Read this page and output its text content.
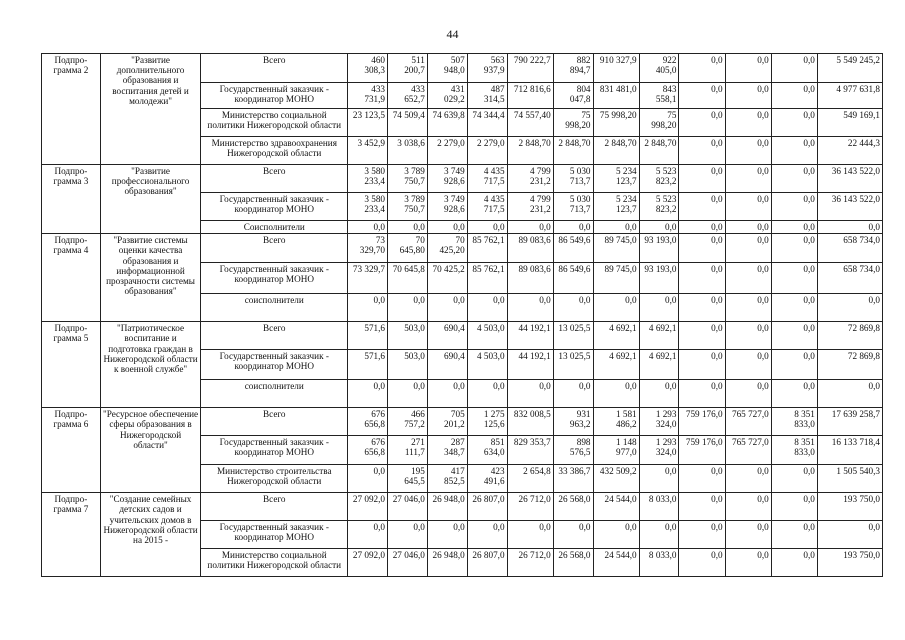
44
Подпро-грамма 2	"Развитие дополнительного образования и воспитания детей и молодежи"	Всего	460 308,3	511 200,7	507 948,0	563 937,9	790 222,7	882 894,7	910 327,9	922 405,0	0,0	0,0	0,0	5 549 245,2
		Государственный заказчик - координатор МОНО	433 731,9	433 652,7	431 029,2	487 314,5	712 816,6	804 047,8	831 481,0	843 558,1	0,0	0,0	0,0	4 977 631,8
		Министерство социальной политики Нижегородской области	23 123,5	74 509,4	74 639,8	74 344,4	74 557,40	75 998,20	75 998,20	75 998,20	0,0	0,0	0,0	549 169,1
		Министерство здравоохранения Нижегородской области	3 452,9	3 038,6	2 279,0	2 279,0	2 848,70	2 848,70	2 848,70	2 848,70	0,0	0,0	0,0	22 444,3
Подпро-грамма 3	"Развитие профессионального образования"	Всего	3 580 233,4	3 789 750,7	3 749 928,6	4 435 717,5	4 799 231,2	5 030 713,7	5 234 123,7	5 523 823,2	0,0	0,0	0,0	36 143 522,0
		Государственный заказчик - координатор МОНО	3 580 233,4	3 789 750,7	3 749 928,6	4 435 717,5	4 799 231,2	5 030 713,7	5 234 123,7	5 523 823,2	0,0	0,0	0,0	36 143 522,0
		Соисполнители	0,0	0,0	0,0	0,0	0,0	0,0	0,0	0,0	0,0	0,0	0,0	0,0
Подпро-грамма 4	"Развитие системы оценки качества образования и информационной прозрачности системы образования"	Всего	73 329,70	70 645,80	70 425,20	85 762,1	89 083,6	86 549,6	89 745,0	93 193,0	0,0	0,0	0,0	658 734,0
		Государственный заказчик - координатор МОНО	73 329,7	70 645,8	70 425,2	85 762,1	89 083,6	86 549,6	89 745,0	93 193,0	0,0	0,0	0,0	658 734,0
		соисполнители	0,0	0,0	0,0	0,0	0,0	0,0	0,0	0,0	0,0	0,0	0,0	0,0
Подпро-грамма 5	"Патриотическое воспитание и подготовка граждан в Нижегородской области к военной службе"	Всего	571,6	503,0	690,4	4 503,0	44 192,1	13 025,5	4 692,1	4 692,1	0,0	0,0	0,0	72 869,8
		Государственный заказчик - координатор МОНО	571,6	503,0	690,4	4 503,0	44 192,1	13 025,5	4 692,1	4 692,1	0,0	0,0	0,0	72 869,8
		соисполнители	0,0	0,0	0,0	0,0	0,0	0,0	0,0	0,0	0,0	0,0	0,0	0,0
Подпро-грамма 6	"Ресурсное обеспечение сферы образования в Нижегородской области"	Всего	676 656,8	466 757,2	705 201,2	1 275 125,6	832 008,5	931 963,2	1 581 486,2	1 293 324,0	759 176,0	765 727,0	8 351 833,0	17 639 258,7
		Государственный заказчик - координатор МОНО	676 656,8	271 111,7	287 348,7	851 634,0	829 353,7	898 576,5	1 148 977,0	1 293 324,0	759 176,0	765 727,0	8 351 833,0	16 133 718,4
		Министерство строительства Нижегородской области	0,0	195 645,5	417 852,5	423 491,6	2 654,8	33 386,7	432 509,2	0,0	0,0	0,0	0,0	1 505 540,3
Подпро-грамма 7	"Создание семейных детских садов и учительских домов в Нижегородской области на 2015 -	Всего	27 092,0	27 046,0	26 948,0	26 807,0	26 712,0	26 568,0	24 544,0	8 033,0	0,0	0,0	0,0	193 750,0
		Государственный заказчик - координатор МОНО	0,0	0,0	0,0	0,0	0,0	0,0	0,0	0,0	0,0	0,0	0,0	0,0
		Министерство социальной политики Нижегородской области	27 092,0	27 046,0	26 948,0	26 807,0	26 712,0	26 568,0	24 544,0	8 033,0	0,0	0,0	0,0	193 750,0
